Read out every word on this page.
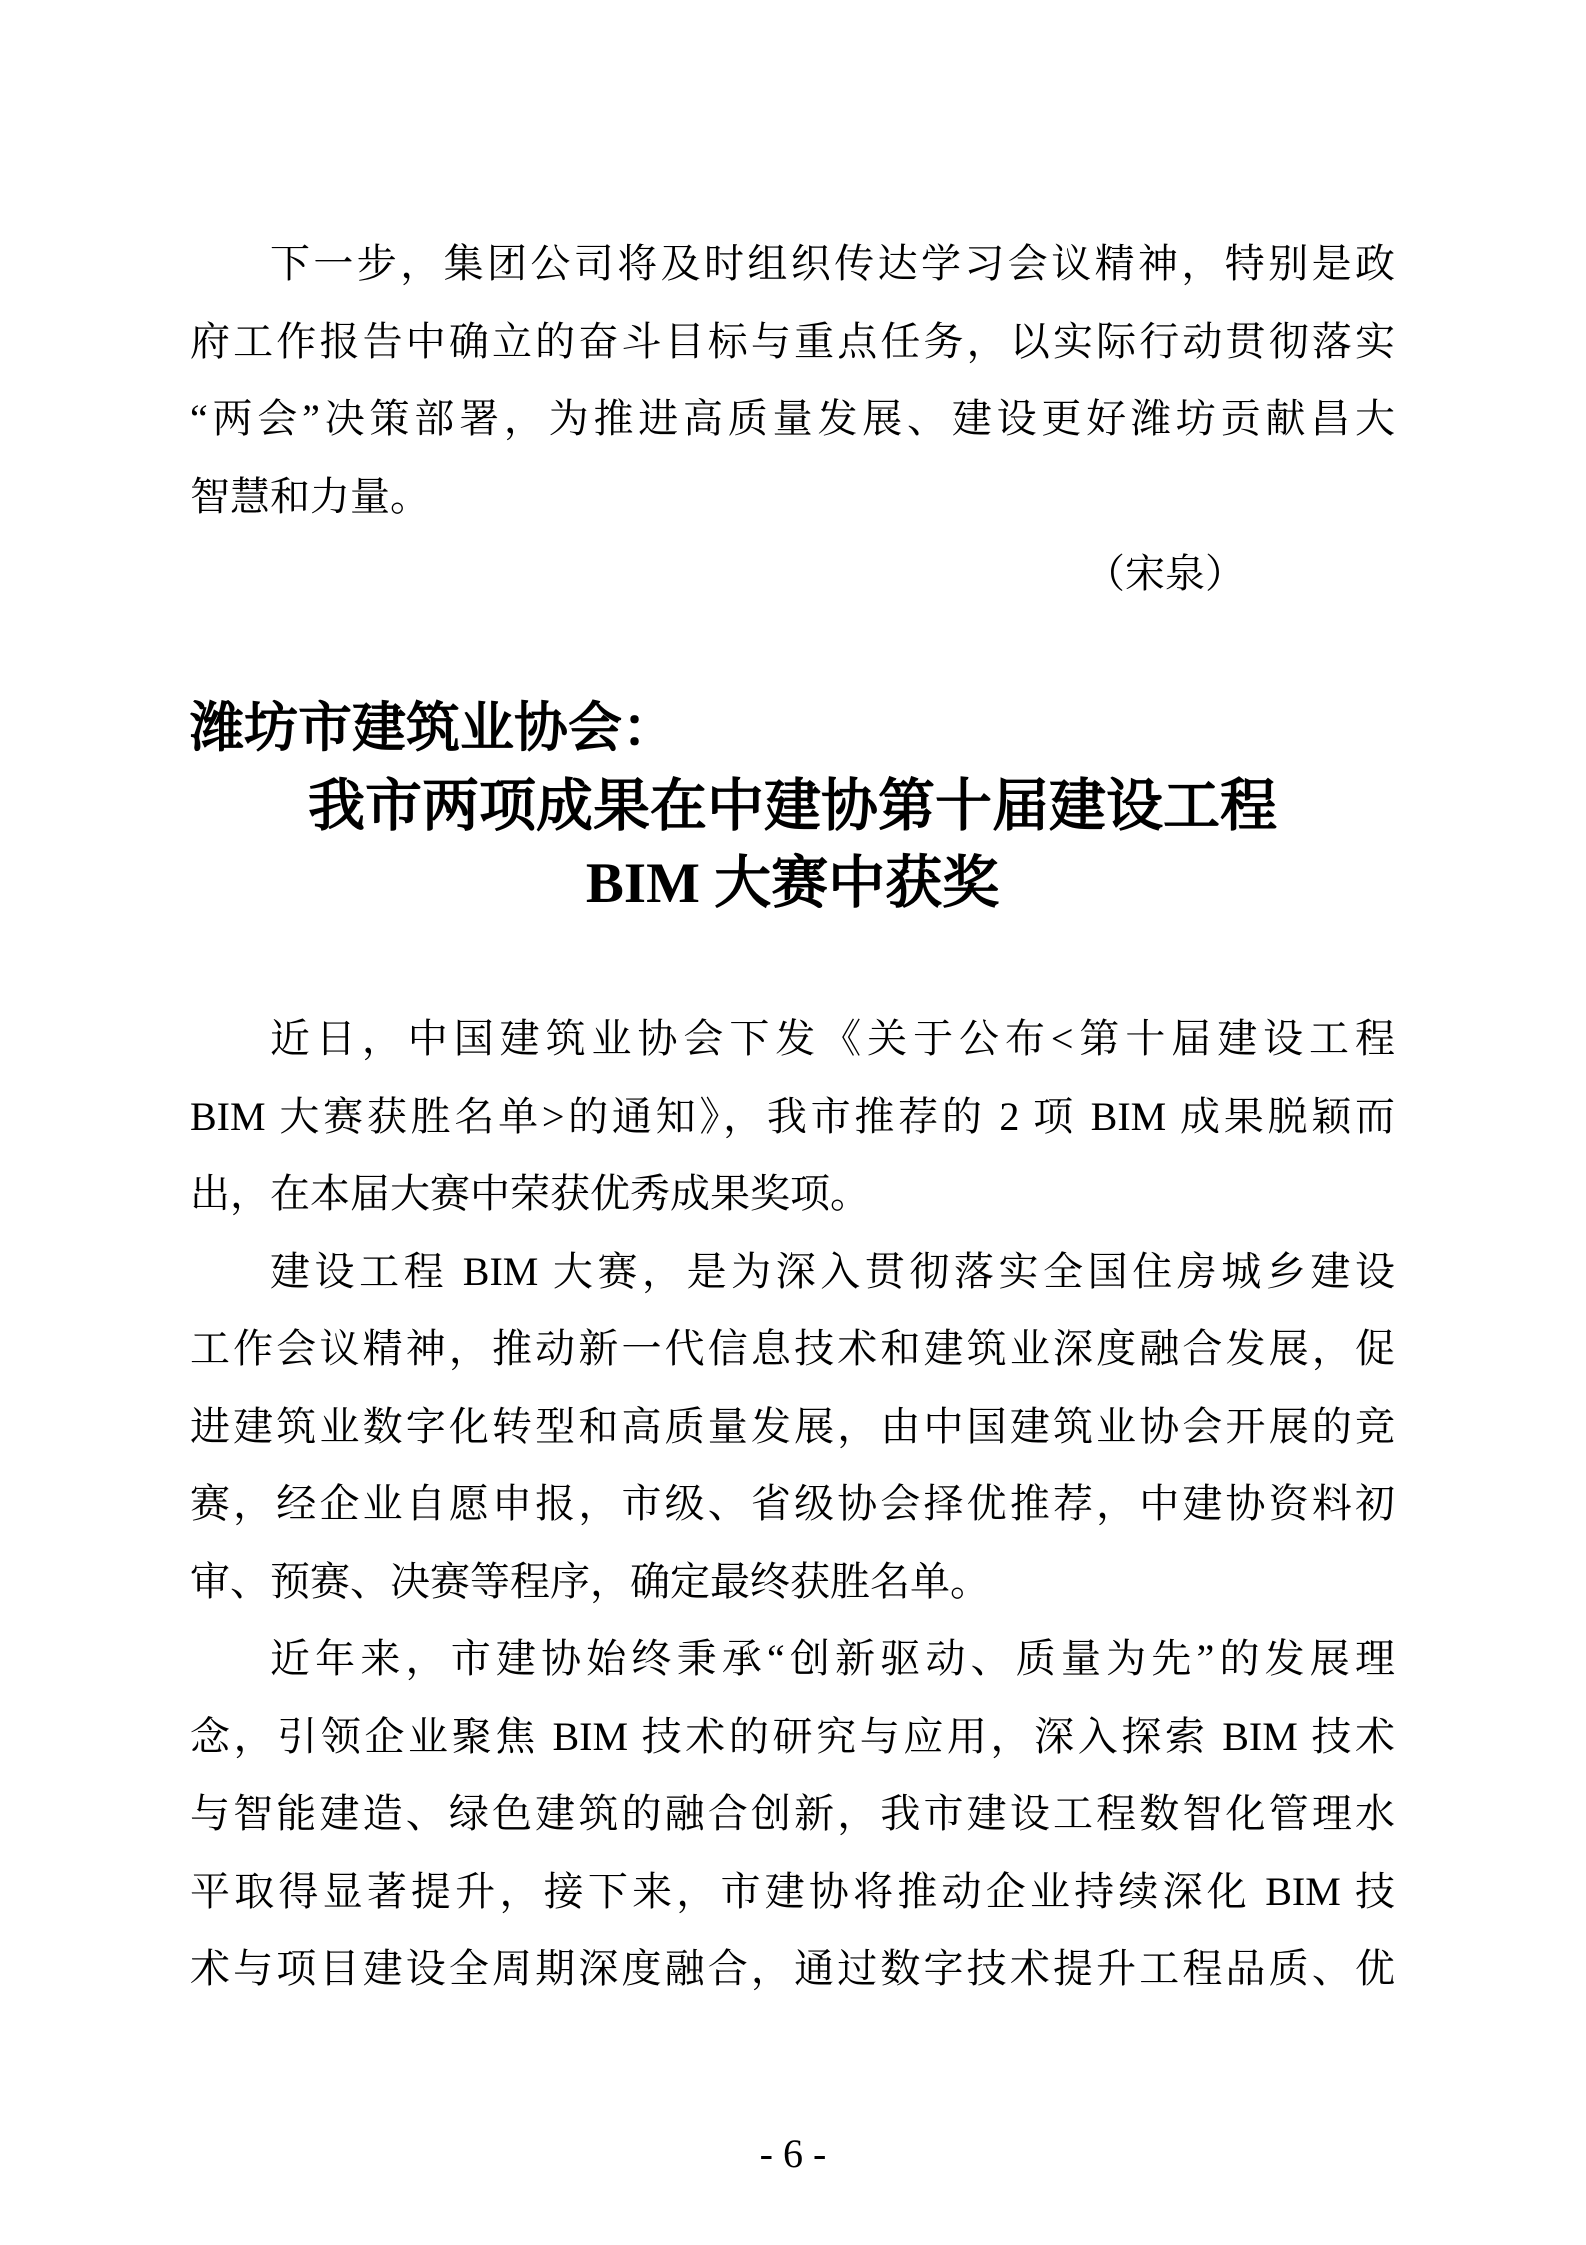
下一步，集团公司将及时组织传达学习会议精神，特别是政
府工作报告中确立的奋斗目标与重点任务，以实际行动贯彻落实
“两会”决策部署，为推进高质量发展、建设更好潍坊贡献昌大
智慧和力量。
（宋泉）
潍坊市建筑业协会：
我市两项成果在中建协第十届建设工程
BIM 大赛中获奖
近日，中国建筑业协会下发《关于公布<第十届建设工程
BIM 大赛获胜名单>的通知》，我市推荐的 2 项 BIM 成果脱颖而
出，在本届大赛中荣获优秀成果奖项。
建设工程 BIM 大赛，是为深入贯彻落实全国住房城乡建设
工作会议精神，推动新一代信息技术和建筑业深度融合发展，促
进建筑业数字化转型和高质量发展，由中国建筑业协会开展的竞
赛，经企业自愿申报，市级、省级协会择优推荐，中建协资料初
审、预赛、决赛等程序，确定最终获胜名单。
近年来，市建协始终秉承“创新驱动、质量为先”的发展理
念，引领企业聚焦 BIM 技术的研究与应用，深入探索 BIM 技术
与智能建造、绿色建筑的融合创新，我市建设工程数智化管理水
平取得显著提升，接下来，市建协将推动企业持续深化 BIM 技
术与项目建设全周期深度融合，通过数字技术提升工程品质、优
- 6 -
